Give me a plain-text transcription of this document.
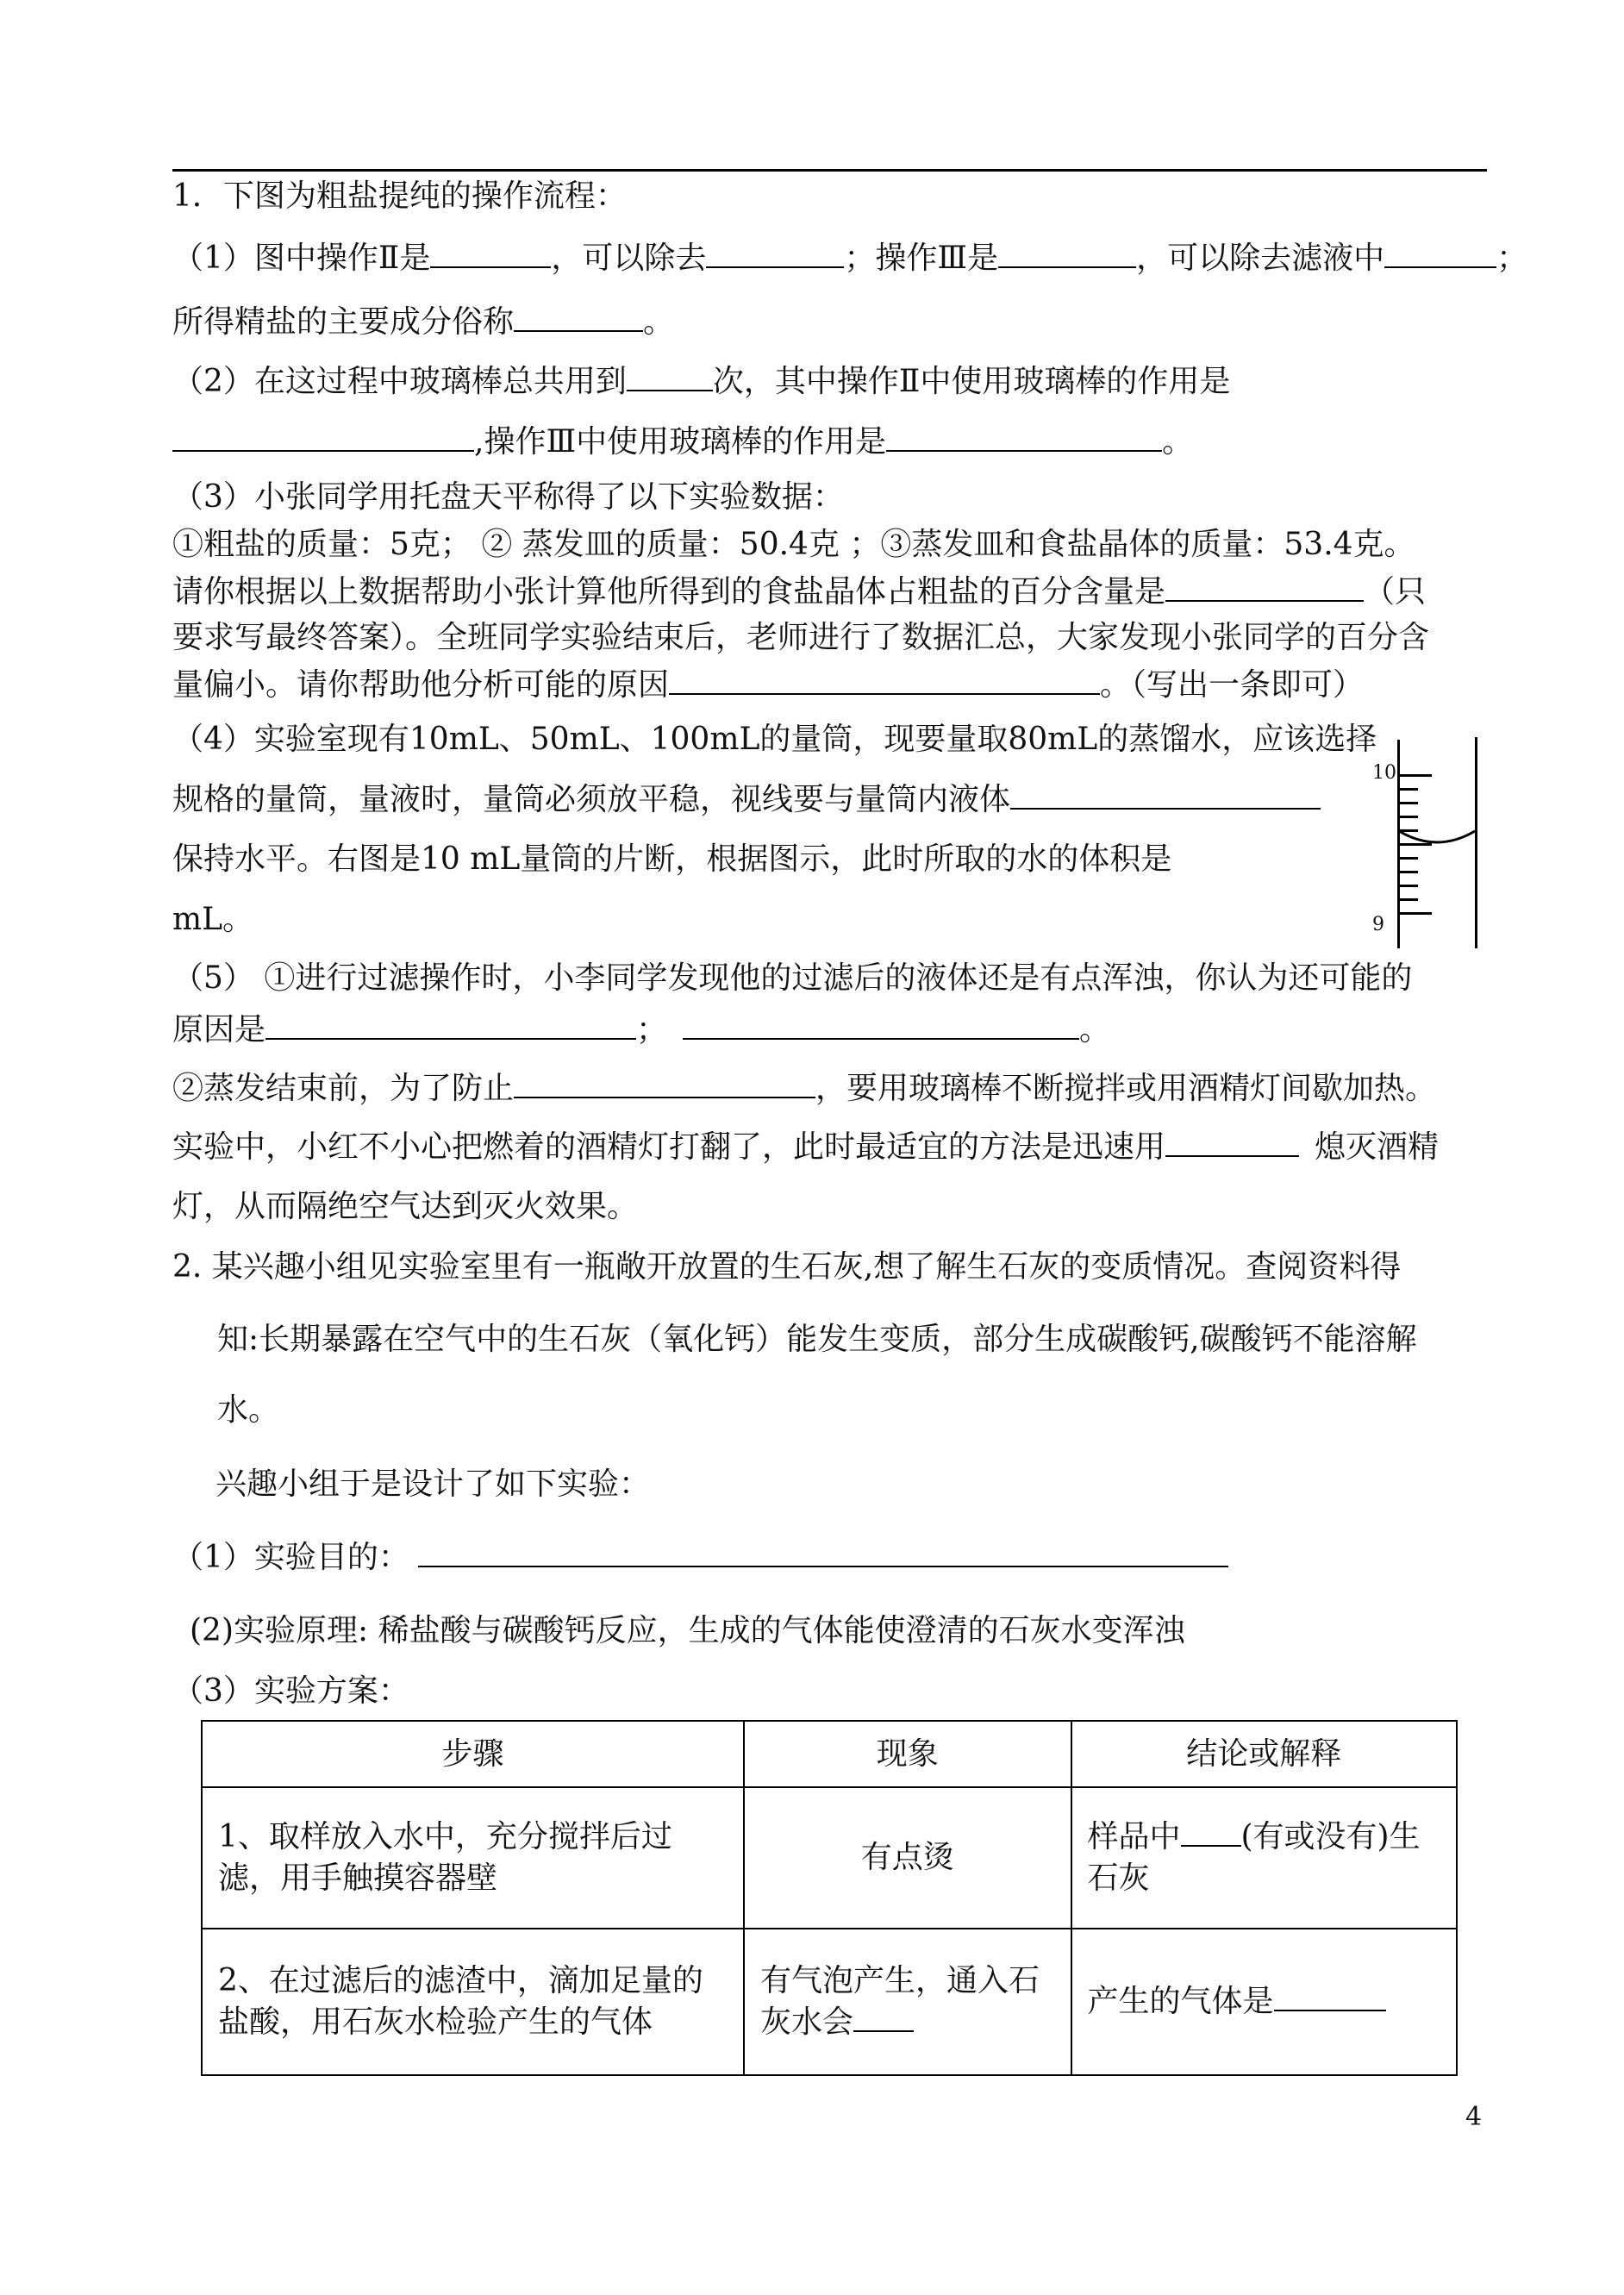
1．下图为粗盐提纯的操作流程：
（1）图中操作Ⅱ是	，可以除去	；操作Ⅲ是	，可以除去滤液中	；
所得精盐的主要成分俗称	。
（2）在这过程中玻璃棒总共用到	次，其中操作Ⅱ中使用玻璃棒的作用是
,操作Ⅲ中使用玻璃棒的作用是	。
（3）小张同学用托盘天平称得了以下实验数据：
①粗盐的质量：5克； ② 蒸发皿的质量：50.4克 ；③蒸发皿和食盐晶体的质量：53.4克。
请你根据以上数据帮助小张计算他所得到的食盐晶体占粗盐的百分含量是	（只
要求写最终答案）。全班同学实验结束后，老师进行了数据汇总，大家发现小张同学的百分含
量偏小。请你帮助他分析可能的原因	。（写出一条即可）
（4）实验室现有10mL、50mL、100mL的量筒，现要量取80mL的蒸馏水，应该选择
规格的量筒，量液时，量筒必须放平稳，视线要与量筒内液体
保持水平。右图是10 mL量筒的片断，根据图示，此时所取的水的体积是
mL。
10
9
（5） ①进行过滤操作时，小李同学发现他的过滤后的液体还是有点浑浊，你认为还可能的
原因是	；	。
②蒸发结束前，为了防止	，要用玻璃棒不断搅拌或用酒精灯间歇加热。
实验中，小红不小心把燃着的酒精灯打翻了，此时最适宜的方法是迅速用	熄灭酒精
灯，从而隔绝空气达到灭火效果。
2. 某兴趣小组见实验室里有一瓶敞开放置的生石灰,想了解生石灰的变质情况。查阅资料得
知:长期暴露在空气中的生石灰（氧化钙）能发生变质，部分生成碳酸钙,碳酸钙不能溶解
水。
兴趣小组于是设计了如下实验：
（1）实验目的：
(2)实验原理: 稀盐酸与碳酸钙反应，生成的气体能使澄清的石灰水变浑浊
（3）实验方案：
步骤	现象	结论或解释
1、取样放入水中，充分搅拌后过滤，用手触摸容器壁	有点烫	样品中 (有或没有)生石灰
2、在过滤后的滤渣中，滴加足量的盐酸，用石灰水检验产生的气体	有气泡产生，通入石灰水会	产生的气体是
4
